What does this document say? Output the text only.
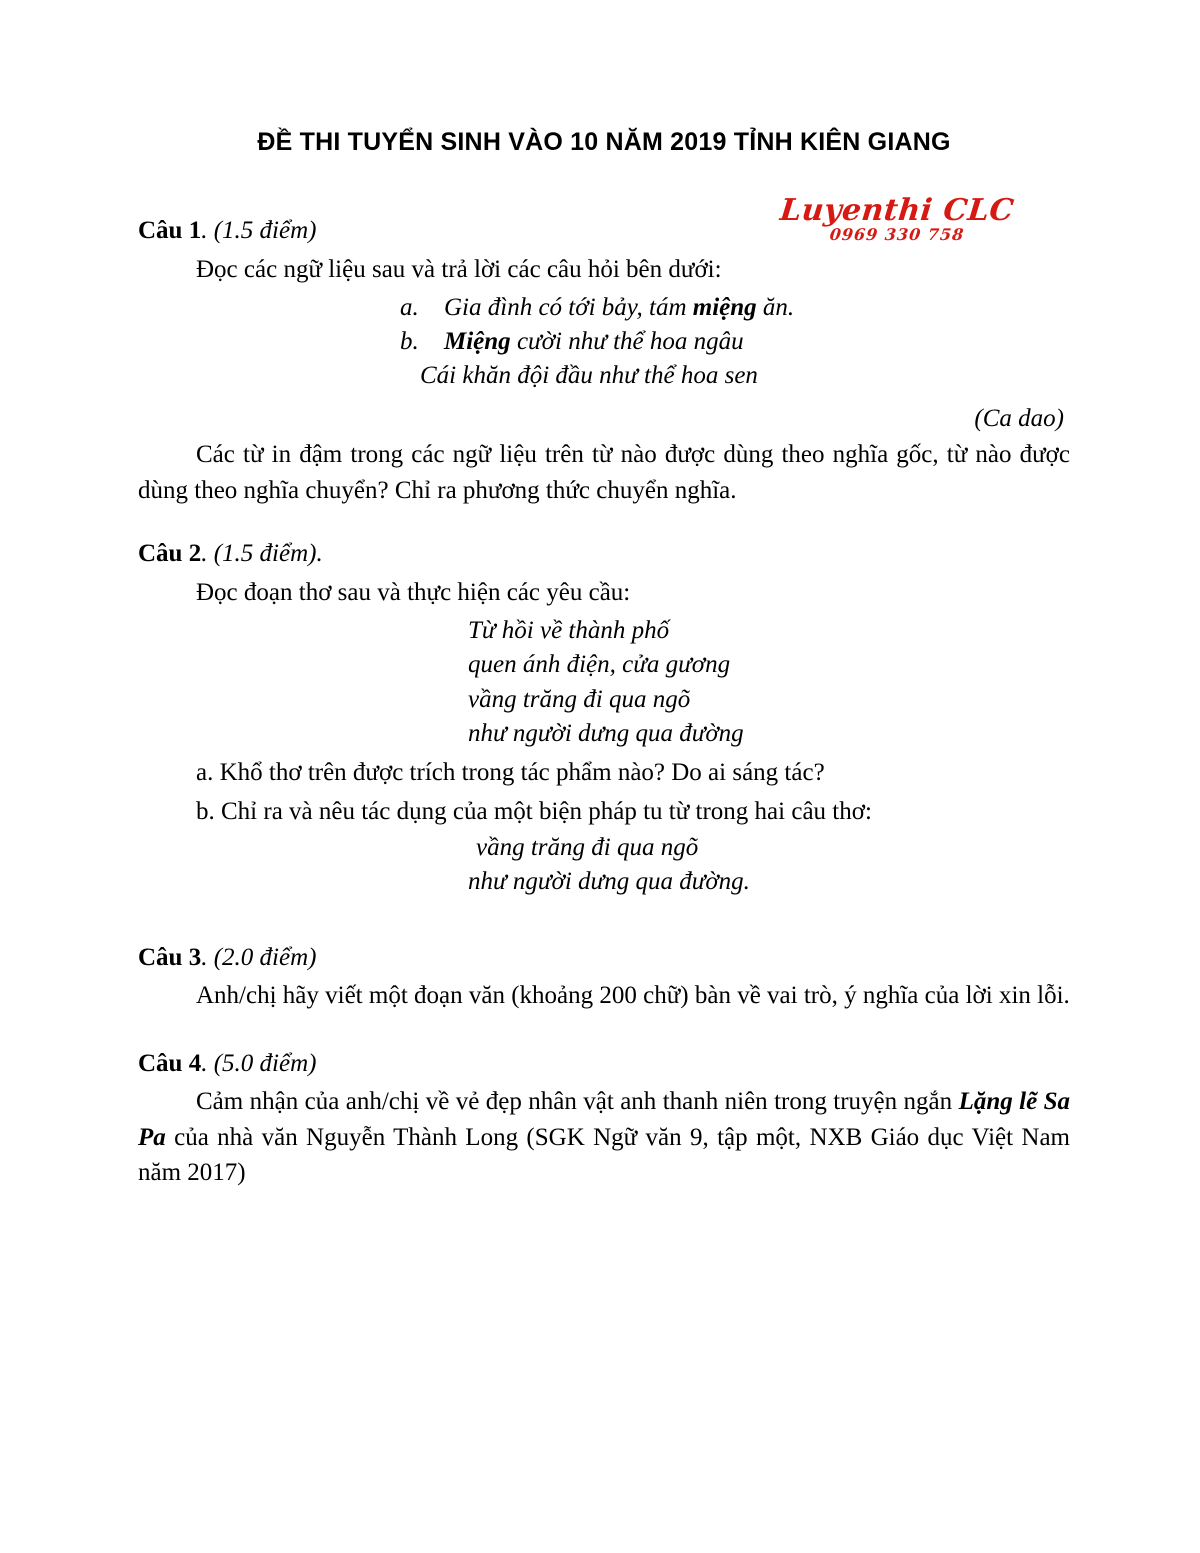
ĐỀ THI TUYỂN SINH VÀO 10 NĂM 2019 TỈNH KIÊN GIANG
Luyenthi CLC
0969 330 758
Câu 1. (1.5 điểm)

Đọc các ngữ liệu sau và trả lời các câu hỏi bên dưới:

a.	Gia đình có tới bảy, tám miệng ăn.
b.	Miệng cười như thể hoa ngâu

Cái khăn đội đầu như thể hoa sen

(Ca dao)

Các từ in đậm trong các ngữ liệu trên từ nào được dùng theo nghĩa gốc, từ nào được dùng theo nghĩa chuyển? Chỉ ra phương thức chuyển nghĩa.

Câu 2. (1.5 điểm).

Đọc đoạn thơ sau và thực hiện các yêu cầu:

Từ hồi về thành phố

quen ánh điện, cửa gương

vầng trăng đi qua ngõ

như người dưng qua đường

a. Khổ thơ trên được trích trong tác phẩm nào? Do ai sáng tác?

b. Chỉ ra và nêu tác dụng của một biện pháp tu từ trong hai câu thơ:

vầng trăng đi qua ngõ

như người dưng qua đường.

Câu 3. (2.0 điểm)

Anh/chị hãy viết một đoạn văn (khoảng 200 chữ) bàn về vai trò, ý nghĩa của lời xin lỗi.

Câu 4. (5.0 điểm)

Cảm nhận của anh/chị về vẻ đẹp nhân vật anh thanh niên trong truyện ngắn Lặng lẽ Sa Pa của nhà văn Nguyễn Thành Long (SGK Ngữ văn 9, tập một, NXB Giáo dục Việt Nam năm 2017)
